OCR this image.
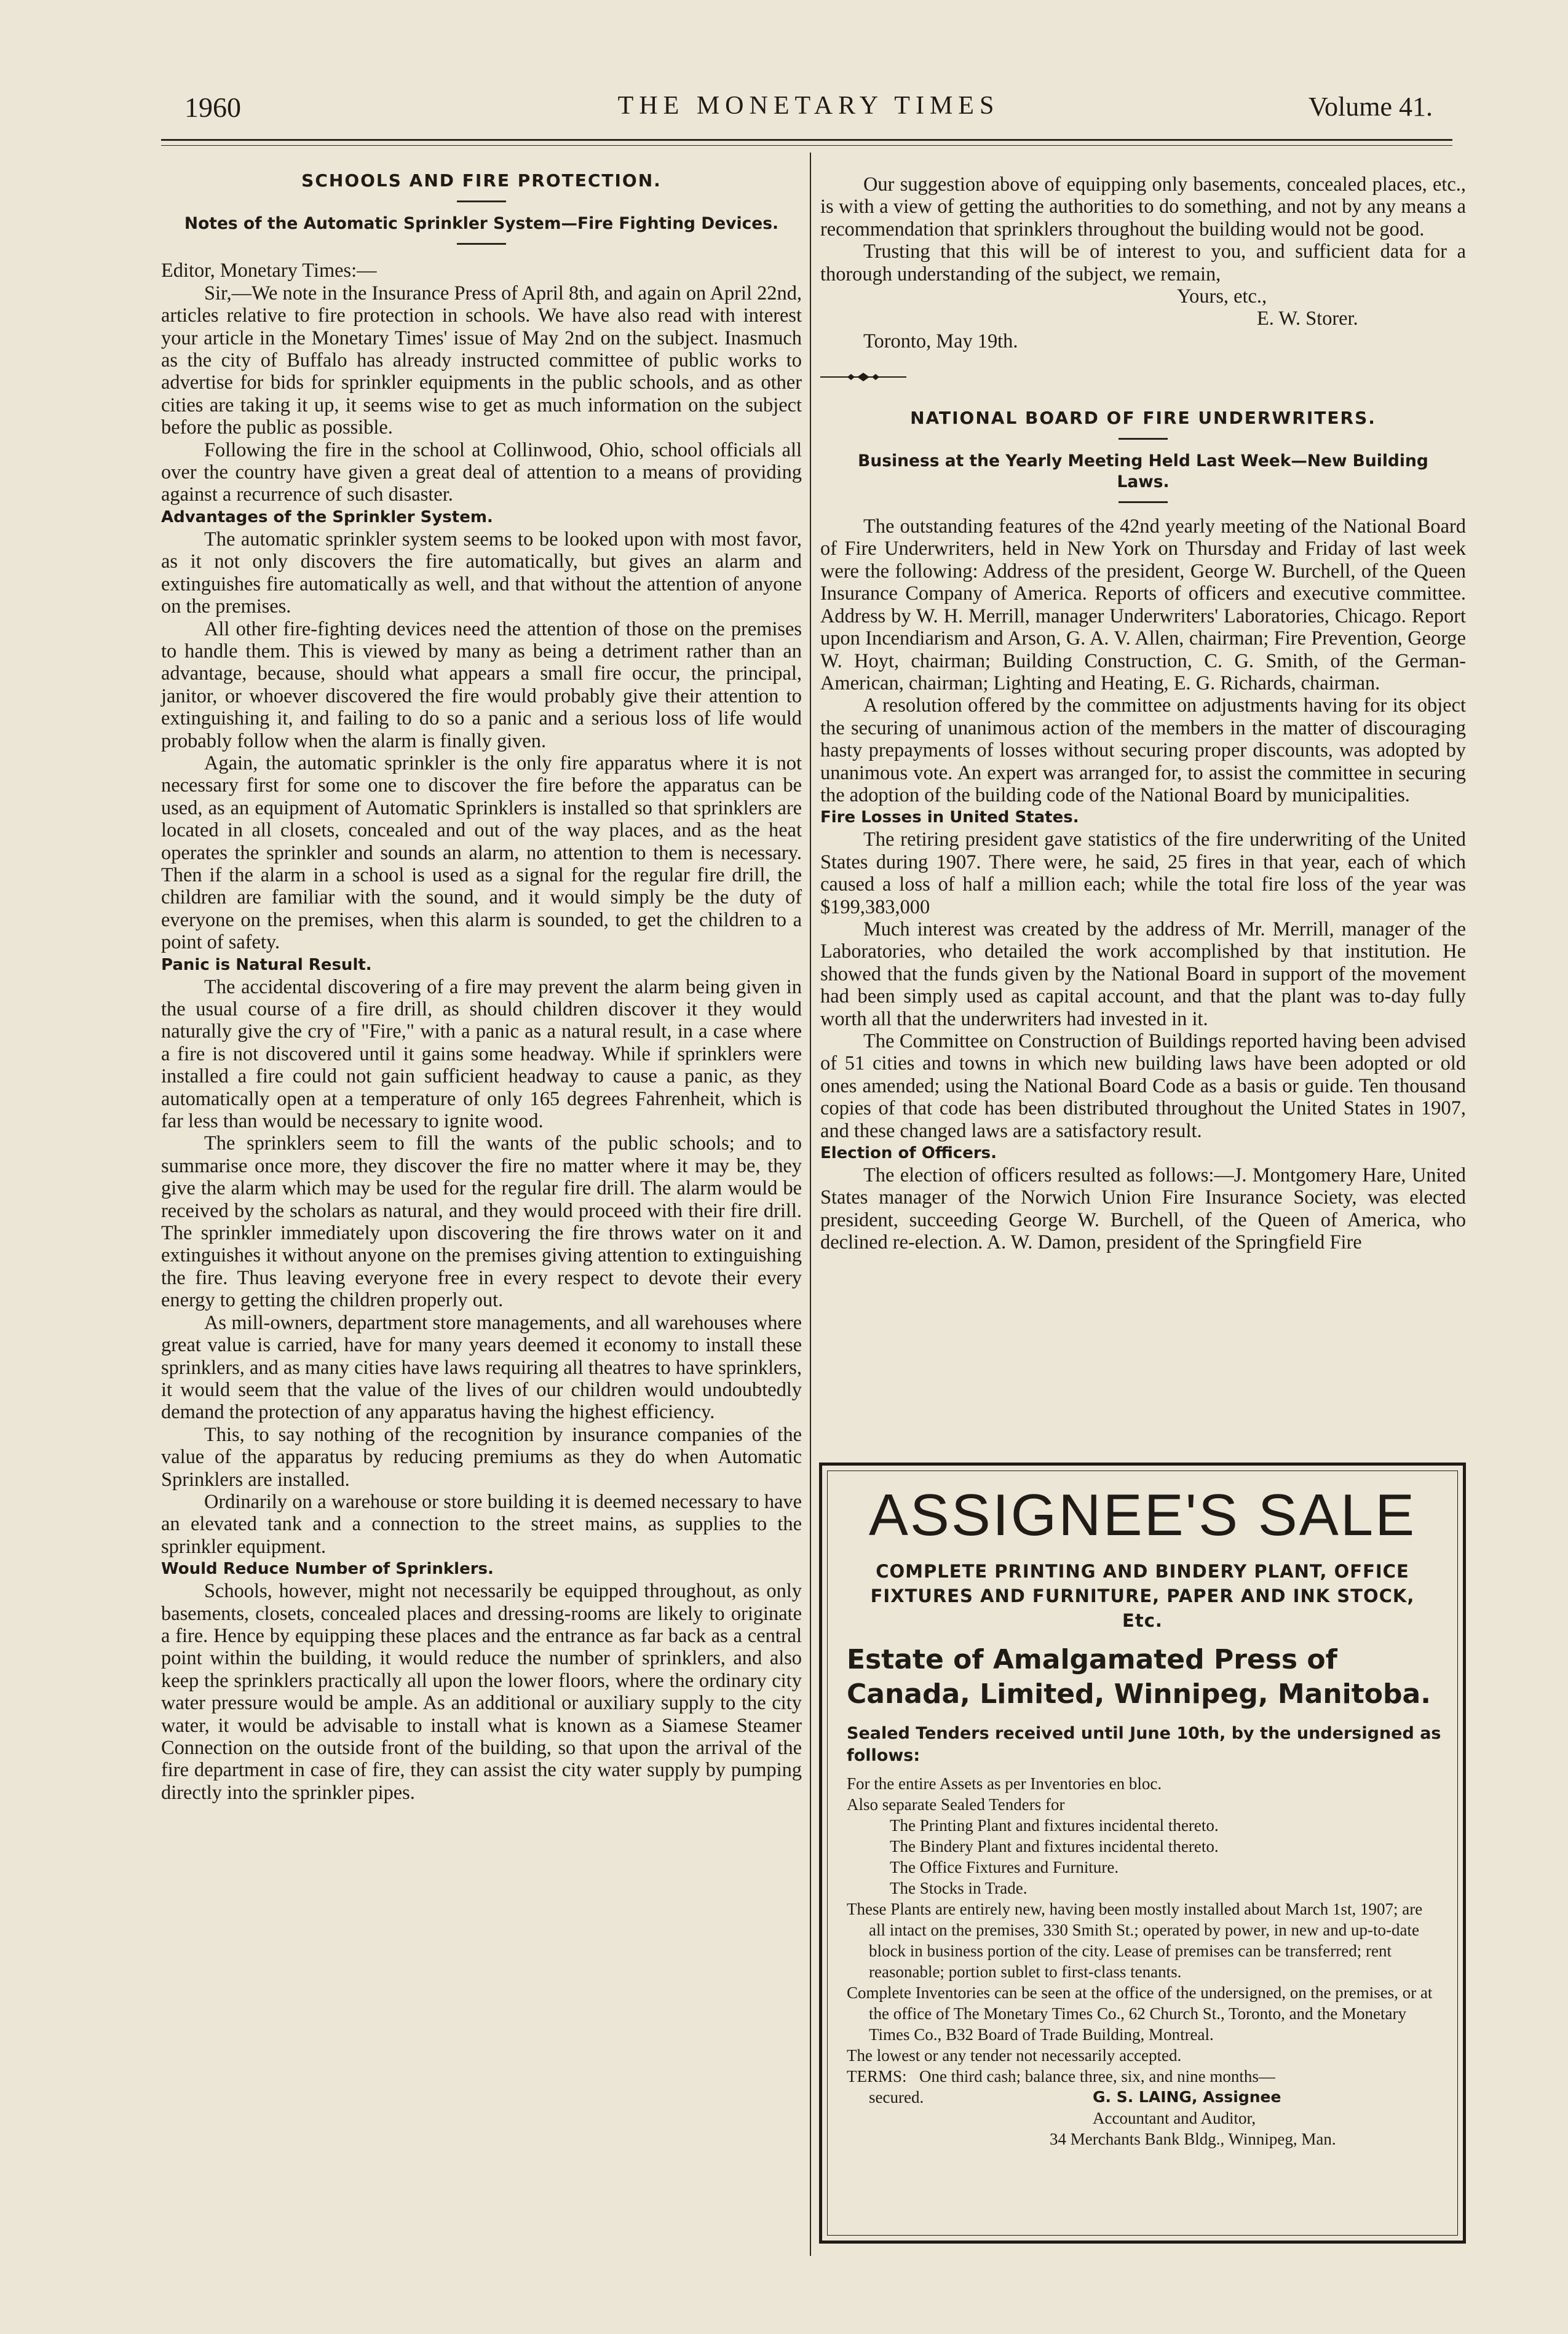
THE MONETARY TIMES
1960	Volume 41.
SCHOOLS AND FIRE PROTECTION.
Notes of the Automatic Sprinkler System—Fire Fighting Devices.

Editor, Monetary Times:—

Sir,—We note in the Insurance Press of April 8th, and again on April 22nd, articles relative to fire protection in schools. We have also read with interest your article in the Monetary Times' issue of May 2nd on the subject. Inasmuch as the city of Buffalo has already instructed committee of public works to advertise for bids for sprinkler equipments in the public schools, and as other cities are taking it up, it seems wise to get as much information on the subject before the public as possible.

Following the fire in the school at Collinwood, Ohio, school officials all over the country have given a great deal of attention to a means of providing against a recurrence of such disaster.

Advantages of the Sprinkler System.

The automatic sprinkler system seems to be looked upon with most favor, as it not only discovers the fire automatically, but gives an alarm and extinguishes fire automatically as well, and that without the attention of anyone on the premises.

All other fire-fighting devices need the attention of those on the premises to handle them. This is viewed by many as being a detriment rather than an advantage, because, should what appears a small fire occur, the principal, janitor, or whoever discovered the fire would probably give their attention to extinguishing it, and failing to do so a panic and a serious loss of life would probably follow when the alarm is finally given.

Again, the automatic sprinkler is the only fire apparatus where it is not necessary first for some one to discover the fire before the apparatus can be used, as an equipment of Automatic Sprinklers is installed so that sprinklers are located in all closets, concealed and out of the way places, and as the heat operates the sprinkler and sounds an alarm, no attention to them is necessary. Then if the alarm in a school is used as a signal for the regular fire drill, the children are familiar with the sound, and it would simply be the duty of everyone on the premises, when this alarm is sounded, to get the children to a point of safety.

Panic is Natural Result.

The accidental discovering of a fire may prevent the alarm being given in the usual course of a fire drill, as should children discover it they would naturally give the cry of "Fire," with a panic as a natural result, in a case where a fire is not discovered until it gains some headway. While if sprinklers were installed a fire could not gain sufficient headway to cause a panic, as they automatically open at a temperature of only 165 degrees Fahrenheit, which is far less than would be necessary to ignite wood.

The sprinklers seem to fill the wants of the public schools; and to summarise once more, they discover the fire no matter where it may be, they give the alarm which may be used for the regular fire drill. The alarm would be received by the scholars as natural, and they would proceed with their fire drill. The sprinkler immediately upon discovering the fire throws water on it and extinguishes it without anyone on the premises giving attention to extinguishing the fire. Thus leaving everyone free in every respect to devote their every energy to getting the children properly out.

As mill-owners, department store managements, and all warehouses where great value is carried, have for many years deemed it economy to install these sprinklers, and as many cities have laws requiring all theatres to have sprinklers, it would seem that the value of the lives of our children would undoubtedly demand the protection of any apparatus having the highest efficiency.

This, to say nothing of the recognition by insurance companies of the value of the apparatus by reducing premiums as they do when Automatic Sprinklers are installed.

Ordinarily on a warehouse or store building it is deemed necessary to have an elevated tank and a connection to the street mains, as supplies to the sprinkler equipment.

Would Reduce Number of Sprinklers.

Schools, however, might not necessarily be equipped throughout, as only basements, closets, concealed places and dressing-rooms are likely to originate a fire. Hence by equipping these places and the entrance as far back as a central point within the building, it would reduce the number of sprinklers, and also keep the sprinklers practically all upon the lower floors, where the ordinary city water pressure would be ample. As an additional or auxiliary supply to the city water, it would be advisable to install what is known as a Siamese Steamer Connection on the outside front of the building, so that upon the arrival of the fire department in case of fire, they can assist the city water supply by pumping directly into the sprinkler pipes.

Our suggestion above of equipping only basements, concealed places, etc., is with a view of getting the authorities to do something, and not by any means a recommendation that sprinklers throughout the building would not be good.

Trusting that this will be of interest to you, and sufficient data for a thorough understanding of the subject, we remain,

Yours, etc.,

E. W. Storer.

Toronto, May 19th.

NATIONAL BOARD OF FIRE UNDERWRITERS.
Business at the Yearly Meeting Held Last Week—New Building Laws.

The outstanding features of the 42nd yearly meeting of the National Board of Fire Underwriters, held in New York on Thursday and Friday of last week were the following: Address of the president, George W. Burchell, of the Queen Insurance Company of America. Reports of officers and executive committee. Address by W. H. Merrill, manager Underwriters' Laboratories, Chicago. Report upon Incendiarism and Arson, G. A. V. Allen, chairman; Fire Prevention, George W. Hoyt, chairman; Building Construction, C. G. Smith, of the German-American, chairman; Lighting and Heating, E. G. Richards, chairman.

A resolution offered by the committee on adjustments having for its object the securing of unanimous action of the members in the matter of discouraging hasty prepayments of losses without securing proper discounts, was adopted by unanimous vote. An expert was arranged for, to assist the committee in securing the adoption of the building code of the National Board by municipalities.

Fire Losses in United States.

The retiring president gave statistics of the fire underwriting of the United States during 1907. There were, he said, 25 fires in that year, each of which caused a loss of half a million each; while the total fire loss of the year was $199,383,000

Much interest was created by the address of Mr. Merrill, manager of the Laboratories, who detailed the work accomplished by that institution. He showed that the funds given by the National Board in support of the movement had been simply used as capital account, and that the plant was to-day fully worth all that the underwriters had invested in it.

The Committee on Construction of Buildings reported having been advised of 51 cities and towns in which new building laws have been adopted or old ones amended; using the National Board Code as a basis or guide. Ten thousand copies of that code has been distributed throughout the United States in 1907, and these changed laws are a satisfactory result.

Election of Officers.

The election of officers resulted as follows:—J. Montgomery Hare, United States manager of the Norwich Union Fire Insurance Society, was elected president, succeeding George W. Burchell, of the Queen of America, who declined re-election. A. W. Damon, president of the Springfield Fire

ASSIGNEE'S SALE
COMPLETE PRINTING AND BINDERY PLANT, OFFICE FIXTURES AND FURNITURE, PAPER AND INK STOCK, Etc.
Estate of Amalgamated Press of Canada, Limited, Winnipeg, Manitoba.
Sealed Tenders received until June 10th, by the undersigned as follows:

For the entire Assets as per Inventories en bloc.

Also separate Sealed Tenders for

The Printing Plant and fixtures incidental thereto.

The Bindery Plant and fixtures incidental thereto.

The Office Fixtures and Furniture.

The Stocks in Trade.

These Plants are entirely new, having been mostly installed about March 1st, 1907; are all intact on the premises, 330 Smith St.; operated by power, in new and up-to-date block in business portion of the city. Lease of premises can be transferred; rent reasonable; portion sublet to first-class tenants.

Complete Inventories can be seen at the office of the undersigned, on the premises, or at the office of The Monetary Times Co., 62 Church St., Toronto, and the Monetary Times Co., B32 Board of Trade Building, Montreal.

The lowest or any tender not necessarily accepted.

TERMS: One third cash; balance three, six, and nine months—
secured.	G. S. LAING, Assignee

Accountant and Auditor,

34 Merchants Bank Bldg., Winnipeg, Man.
